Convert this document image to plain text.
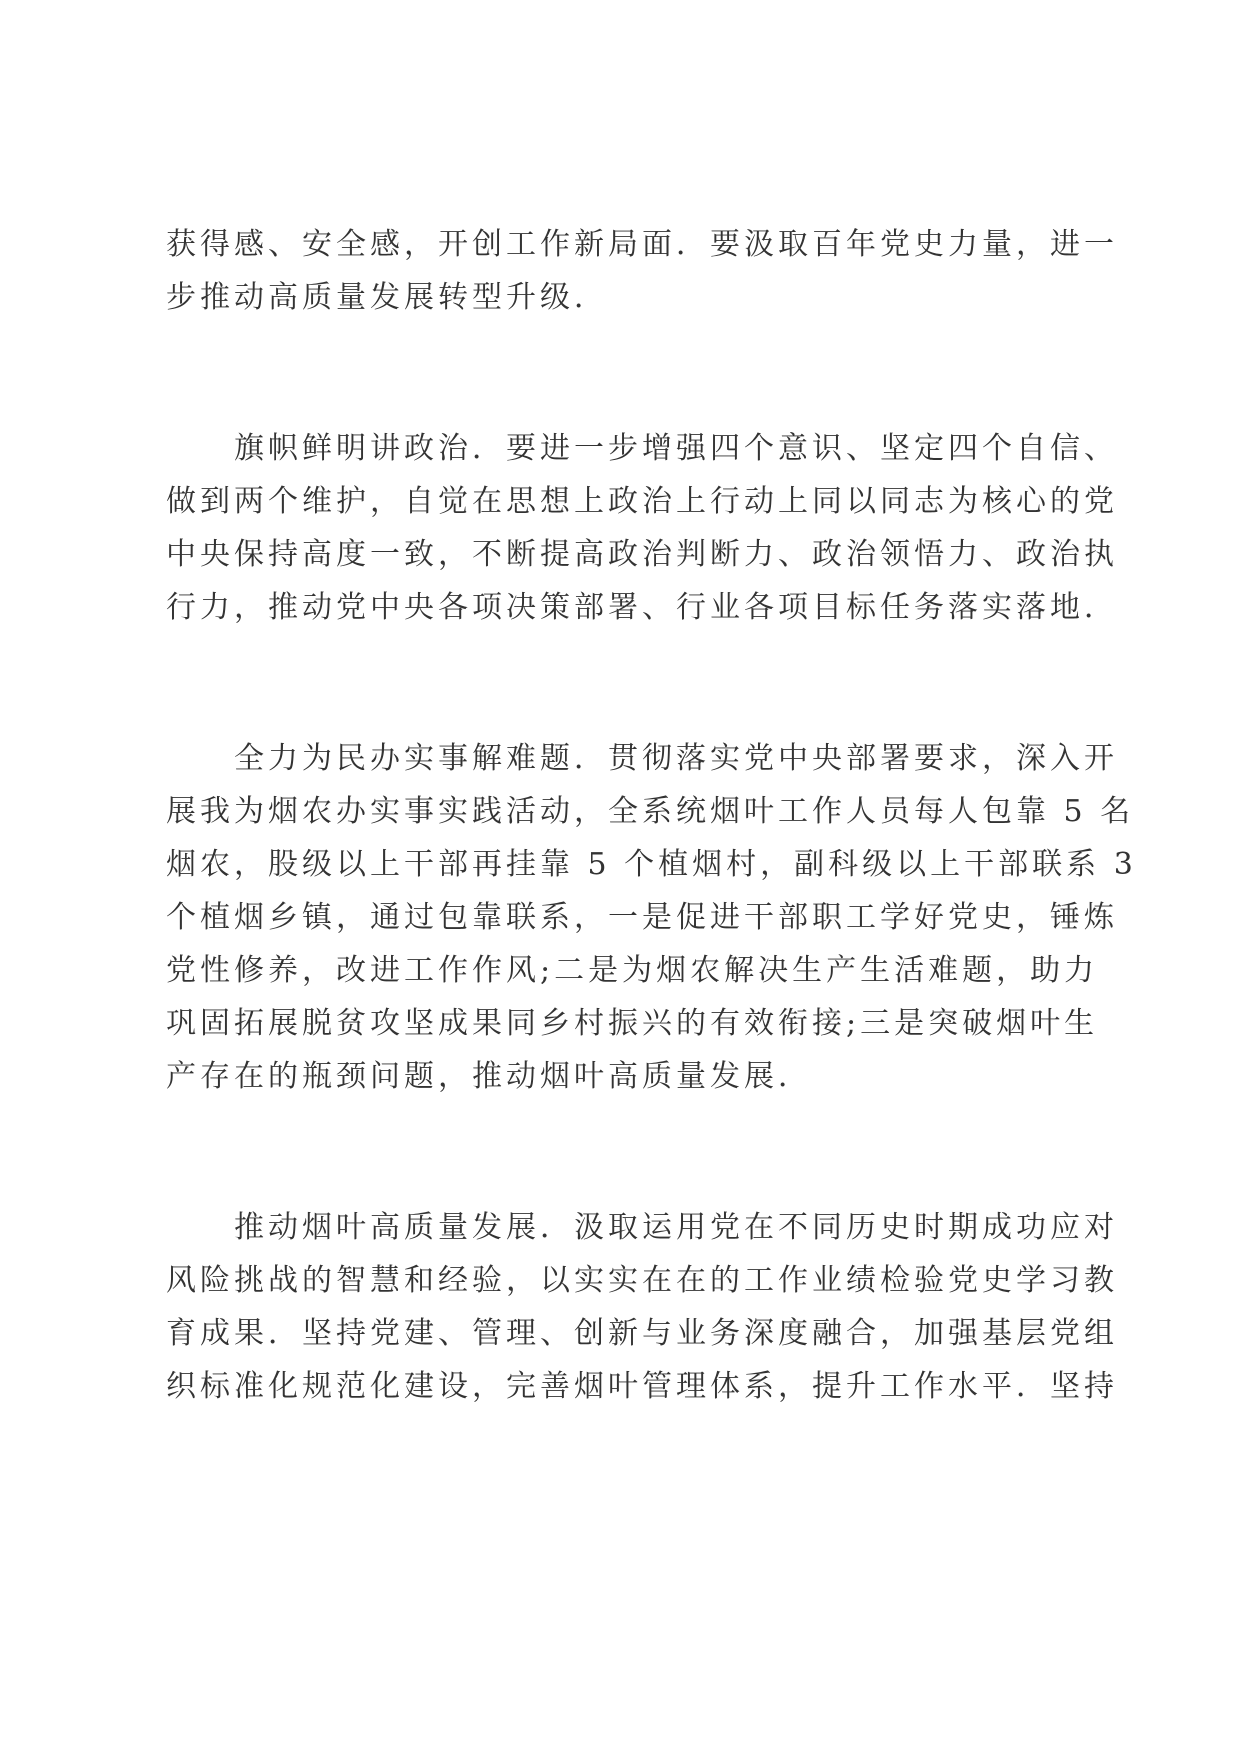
获得感、安全感，开创工作新局面．要汲取百年党史力量，进一
步推动高质量发展转型升级．
旗帜鲜明讲政治．要进一步增强四个意识、坚定四个自信、
做到两个维护，自觉在思想上政治上行动上同以同志为核心的党
中央保持高度一致，不断提高政治判断力、政治领悟力、政治执
行力，推动党中央各项决策部署、行业各项目标任务落实落地．
全力为民办实事解难题．贯彻落实党中央部署要求，深入开
展我为烟农办实事实践活动，全系统烟叶工作人员每人包靠 5 名
烟农，股级以上干部再挂靠 5 个植烟村，副科级以上干部联系 3
个植烟乡镇，通过包靠联系，一是促进干部职工学好党史，锤炼
党性修养，改进工作作风;二是为烟农解决生产生活难题，助力
巩固拓展脱贫攻坚成果同乡村振兴的有效衔接;三是突破烟叶生
产存在的瓶颈问题，推动烟叶高质量发展．
推动烟叶高质量发展．汲取运用党在不同历史时期成功应对
风险挑战的智慧和经验，以实实在在的工作业绩检验党史学习教
育成果．坚持党建、管理、创新与业务深度融合，加强基层党组
织标准化规范化建设，完善烟叶管理体系，提升工作水平．坚持
